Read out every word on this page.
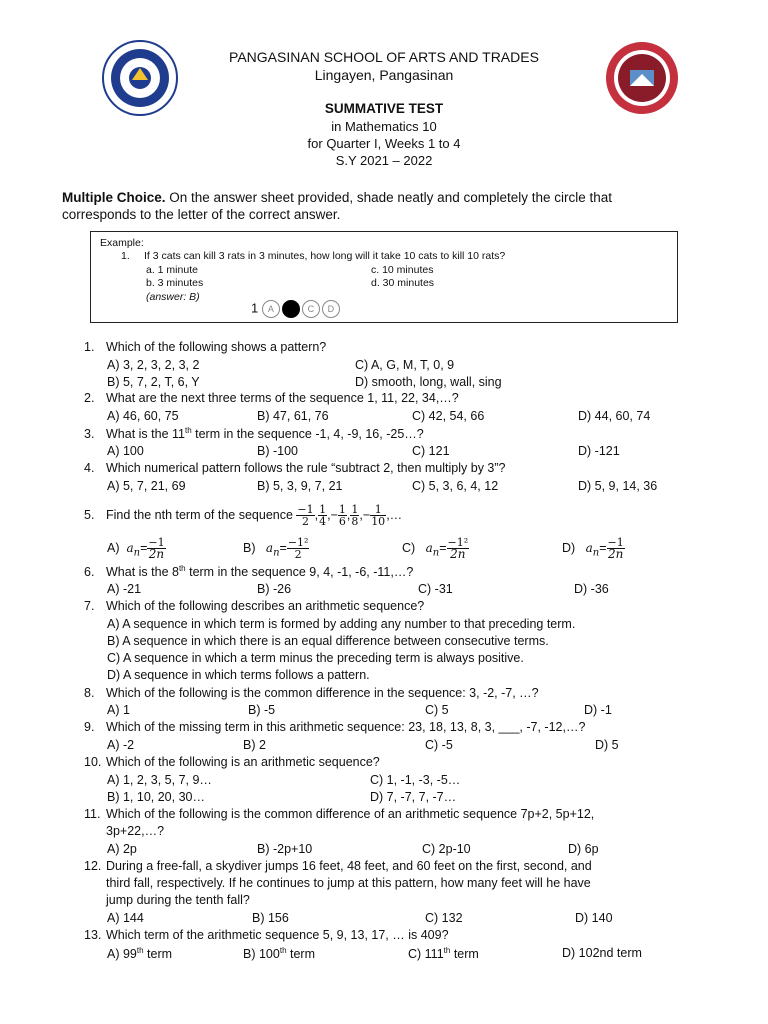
PANGASINAN SCHOOL OF ARTS AND TRADES
Lingayen, Pangasinan
SUMMATIVE TEST
in Mathematics 10
for Quarter I, Weeks 1 to 4
S.Y 2021 – 2022
Multiple Choice. On the answer sheet provided, shade neatly and completely the circle that
corresponds to the letter of the correct answer.
Example:
1. If 3 cats can kill 3 rats in 3 minutes, how long will it take 10 cats to kill 10 rats?
a. 1 minute
b. 3 minutes
c. 10 minutes
d. 30 minutes
(answer: B)
1 A B C D
1. Which of the following shows a pattern?
A) 3, 2, 3, 2, 3, 2	C) A, G, M, T, 0, 9
B) 5, 7, 2, T, 6, Y	D) smooth, long, wall, sing
2. What are the next three terms of the sequence 1, 11, 22, 34,…?
A) 46, 60, 75	B) 47, 61, 76	C) 42, 54, 66	D) 44, 60, 74
3. What is the 11th term in the sequence -1, 4, -9, 16, -25…?
A) 100	B) -100	C) 121	D) -121
4. Which numerical pattern follows the rule “subtract 2, then multiply by 3”?
A) 5, 7, 21, 69	B) 5, 3, 9, 7, 21	C) 5, 3, 6, 4, 12	D) 5, 9, 14, 36
5. Find the nth term of the sequence $\frac{-1}{2}$ , $\frac{1}{4}$ ,− $\frac{1}{6}$ , $\frac{1}{8}$ ,− $\frac{1}{10}$ ,…
A) $a_n= \frac{-1}{2n}$	B) $a_n= \frac{\text{−1²}}{2}$	C) $a_n= \frac{\text{−1²}}{2n}$	D) $a_n= \frac{-1}{2n}$
6. What is the 8th term in the sequence 9, 4, -1, -6, -11,…?
A) -21	B) -26	C) -31	D) -36
7. Which of the following describes an arithmetic sequence?
A) A sequence in which term is formed by adding any number to that preceding term.
B) A sequence in which there is an equal difference between consecutive terms.
C) A sequence in which a term minus the preceding term is always positive.
D) A sequence in which terms follows a pattern.
8. Which of the following is the common difference in the sequence: 3, -2, -7, …?
A) 1	B) -5	C) 5	D) -1
9. Which of the missing term in this arithmetic sequence: 23, 18, 13, 8, 3, ___, -7, -12,…?
A) -2	B) 2	C) -5	D) 5
10. Which of the following is an arithmetic sequence?
A) 1, 2, 3, 5, 7, 9…	C) 1, -1, -3, -5…
B) 1, 10, 20, 30…	D) 7, -7, 7, -7…
11. Which of the following is the common difference of an arithmetic sequence 7p+2, 5p+12,
3p+22,…?
A) 2p	B) -2p+10	C) 2p-10	D) 6p
12. During a free-fall, a skydiver jumps 16 feet, 48 feet, and 60 feet on the first, second, and
third fall, respectively. If he continues to jump at this pattern, how many feet will he have
jump during the tenth fall?
A) 144	B) 156	C) 132	D) 140
13. Which term of the arithmetic sequence 5, 9, 13, 17, … is 409?
A) 99th term	B) 100th term	C) 111th term	D) 102nd term
